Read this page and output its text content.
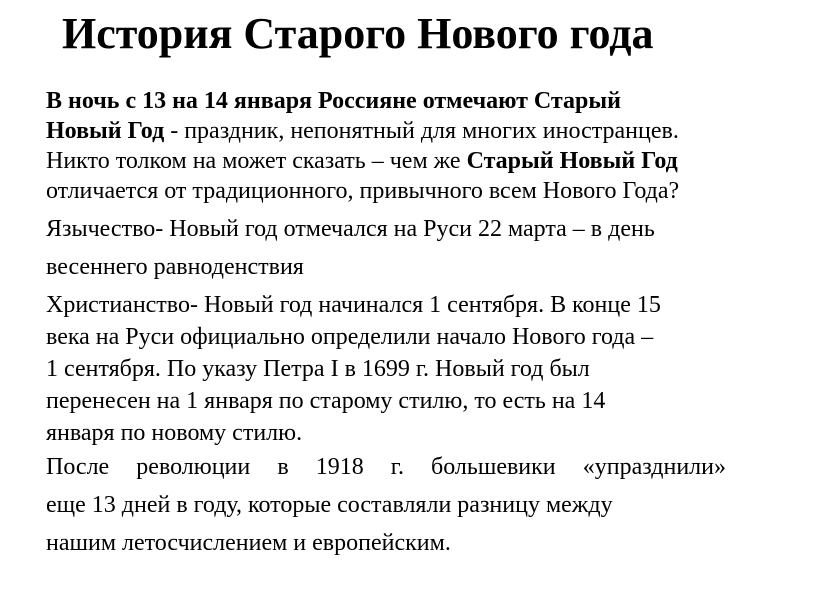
История Старого Нового года

В ночь с 13 на 14 января Россияне отмечают Старый
Новый Год - праздник, непонятный для многих иностранцев.
Никто толком на может сказать – чем же Старый Новый Год
отличается от традиционного, привычного всем Нового Года?

Язычество- Новый год отмечался на Руси 22 марта – в день
весеннего равноденствия

Христианство- Новый год начинался 1 сентября. В конце 15
века на Руси официально определили начало Нового года –
1 сентября. По указу Петра I в 1699 г. Новый год был
перенесен на 1 января по старому стилю, то есть на 14
января по новому стилю.

После революции в 1918 г. большевики «упразднили»
еще 13 дней в году, которые составляли разницу между
нашим летосчислением и европейским.
